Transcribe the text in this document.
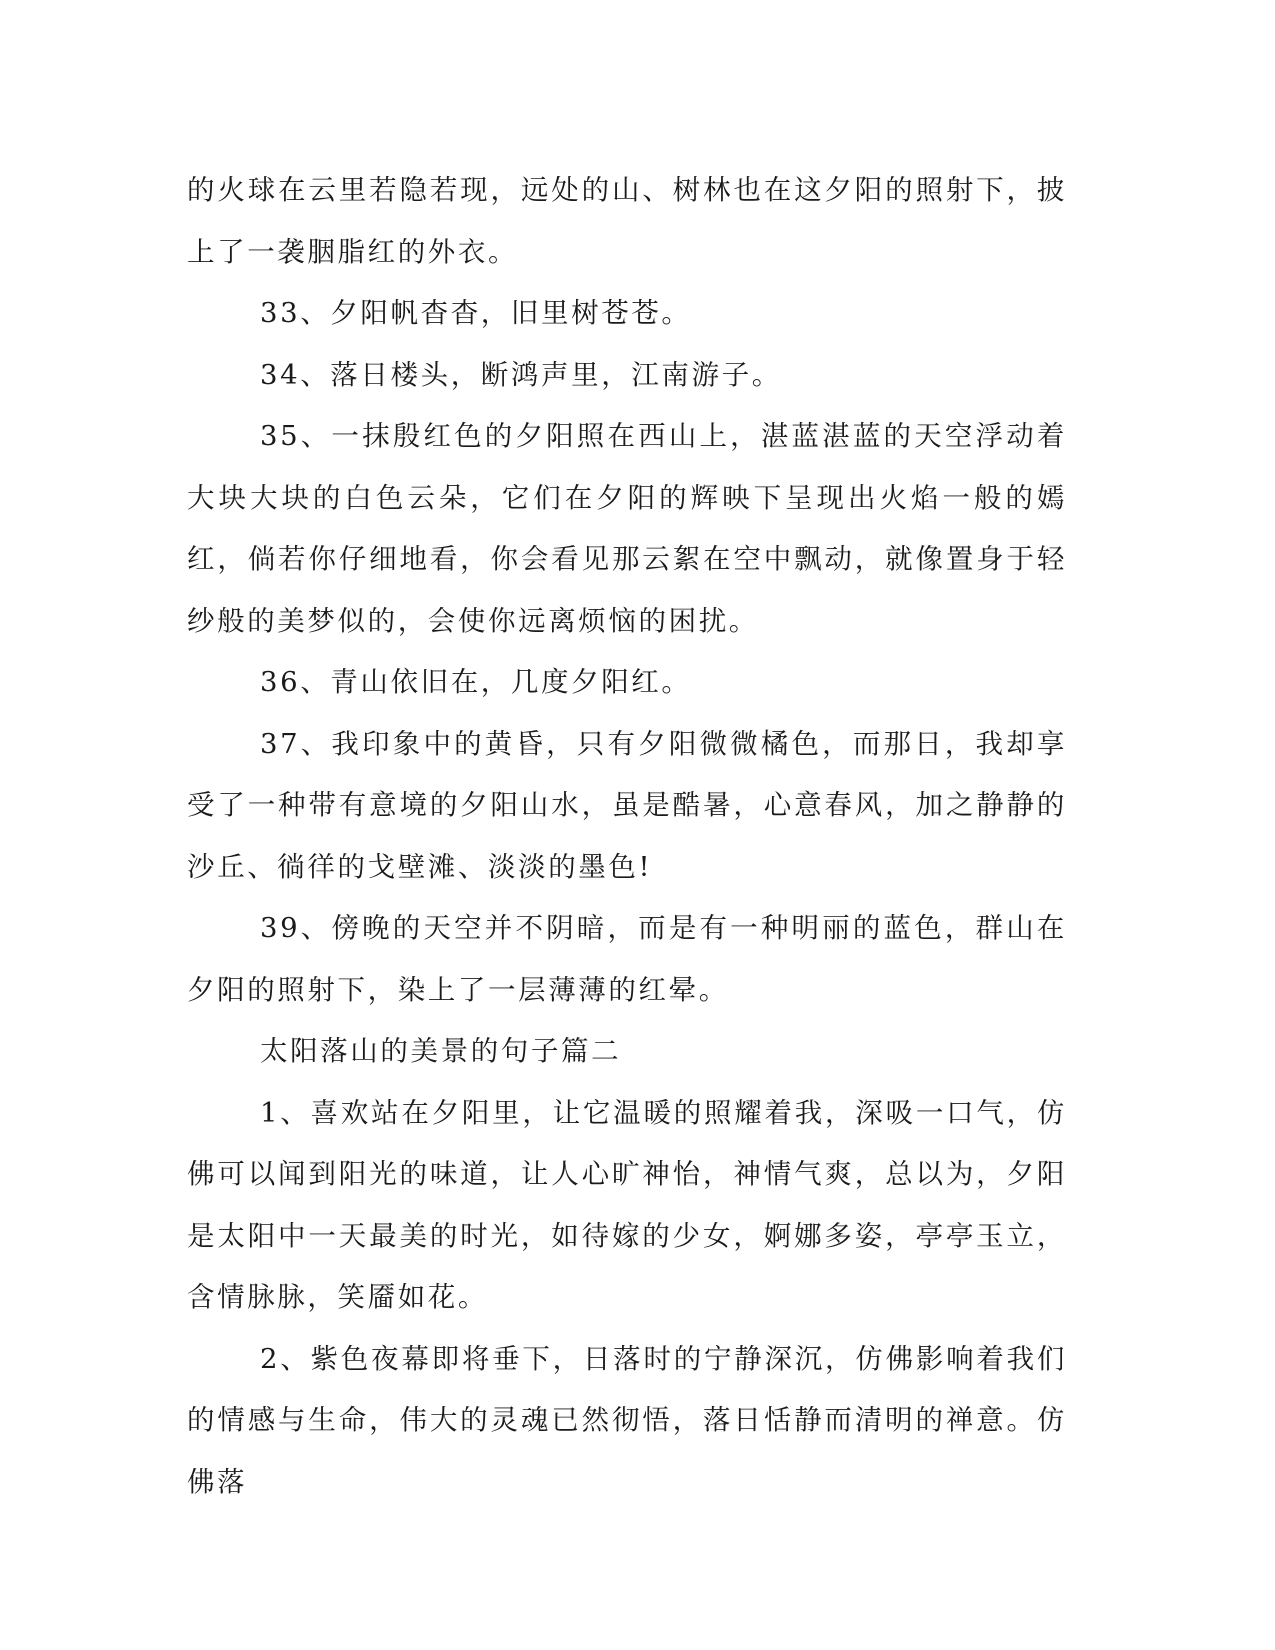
的火球在云里若隐若现，远处的山、树林也在这夕阳的照射下，披上了一袭胭脂红的外衣。

33、夕阳帆杳杳，旧里树苍苍。

34、落日楼头，断鸿声里，江南游子。

35、一抹殷红色的夕阳照在西山上，湛蓝湛蓝的天空浮动着大块大块的白色云朵，它们在夕阳的辉映下呈现出火焰一般的嫣红，倘若你仔细地看，你会看见那云絮在空中飘动，就像置身于轻纱般的美梦似的，会使你远离烦恼的困扰。

36、青山依旧在，几度夕阳红。

37、我印象中的黄昏，只有夕阳微微橘色，而那日，我却享受了一种带有意境的夕阳山水，虽是酷暑，心意春风，加之静静的沙丘、徜徉的戈壁滩、淡淡的墨色!

39、傍晚的天空并不阴暗，而是有一种明丽的蓝色，群山在夕阳的照射下，染上了一层薄薄的红晕。

太阳落山的美景的句子篇二

1、喜欢站在夕阳里，让它温暖的照耀着我，深吸一口气，仿佛可以闻到阳光的味道，让人心旷神怡，神情气爽，总以为，夕阳是太阳中一天最美的时光，如待嫁的少女，婀娜多姿，亭亭玉立，含情脉脉，笑靥如花。

2、紫色夜幕即将垂下，日落时的宁静深沉，仿佛影响着我们的情感与生命，伟大的灵魂已然彻悟，落日恬静而清明的禅意。仿佛落
